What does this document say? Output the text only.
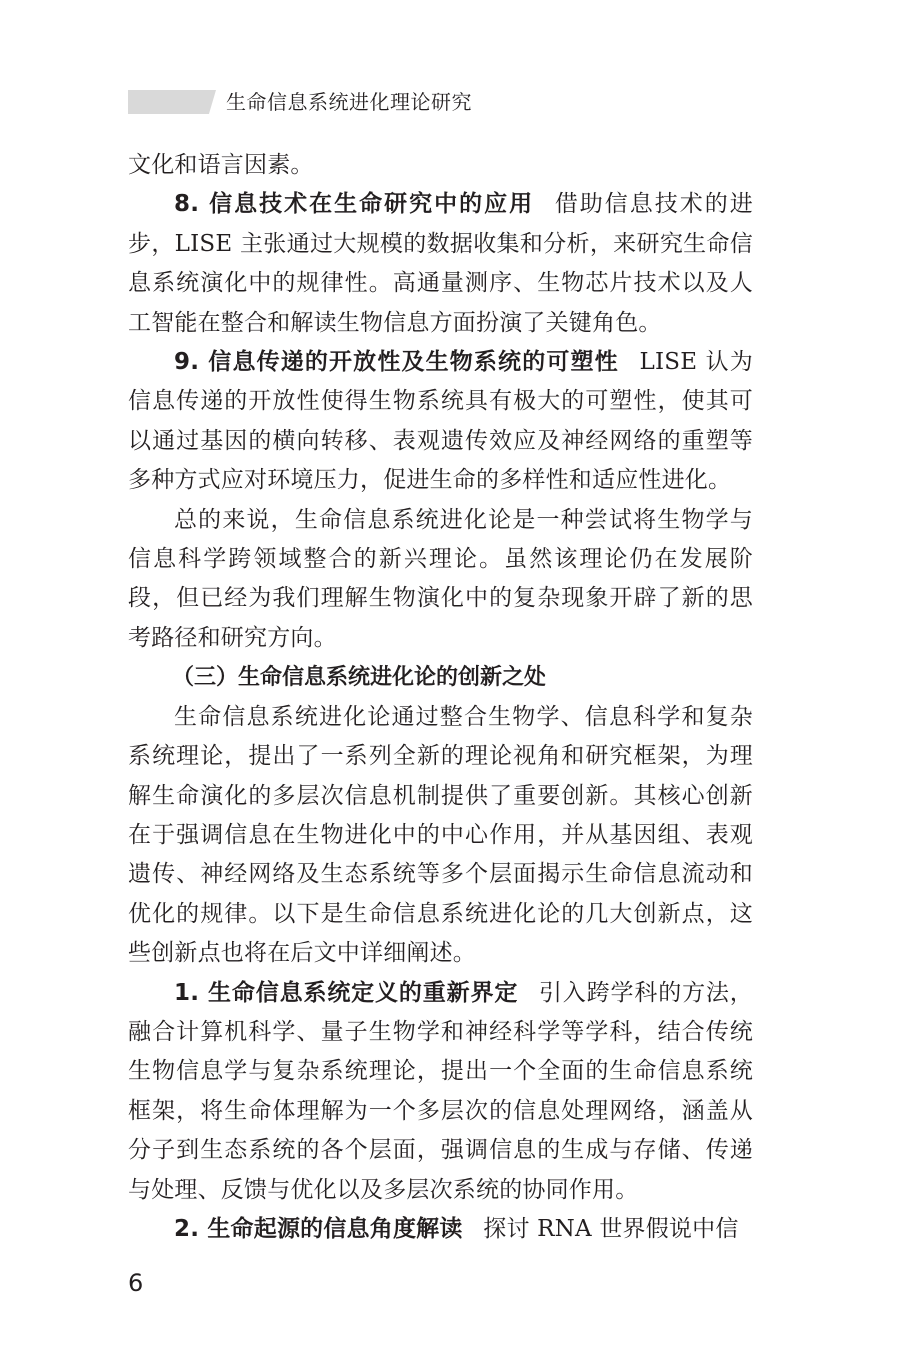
生命信息系统进化理论研究

文化和语言因素。

8. 信息技术在生命研究中的应用 借助信息技术的进步，LISE 主张通过大规模的数据收集和分析，来研究生命信息系统演化中的规律性。高通量测序、生物芯片技术以及人工智能在整合和解读生物信息方面扮演了关键角色。

9. 信息传递的开放性及生物系统的可塑性 LISE 认为信息传递的开放性使得生物系统具有极大的可塑性，使其可以通过基因的横向转移、表观遗传效应及神经网络的重塑等多种方式应对环境压力，促进生命的多样性和适应性进化。

总的来说，生命信息系统进化论是一种尝试将生物学与信息科学跨领域整合的新兴理论。虽然该理论仍在发展阶段，但已经为我们理解生物演化中的复杂现象开辟了新的思考路径和研究方向。

（三）生命信息系统进化论的创新之处

生命信息系统进化论通过整合生物学、信息科学和复杂系统理论，提出了一系列全新的理论视角和研究框架，为理解生命演化的多层次信息机制提供了重要创新。其核心创新在于强调信息在生物进化中的中心作用，并从基因组、表观遗传、神经网络及生态系统等多个层面揭示生命信息流动和优化的规律。以下是生命信息系统进化论的几大创新点，这些创新点也将在后文中详细阐述。

1. 生命信息系统定义的重新界定 引入跨学科的方法，融合计算机科学、量子生物学和神经科学等学科，结合传统生物信息学与复杂系统理论，提出一个全面的生命信息系统框架，将生命体理解为一个多层次的信息处理网络，涵盖从分子到生态系统的各个层面，强调信息的生成与存储、传递与处理、反馈与优化以及多层次系统的协同作用。

2. 生命起源的信息角度解读 探讨 RNA 世界假说中信

6
